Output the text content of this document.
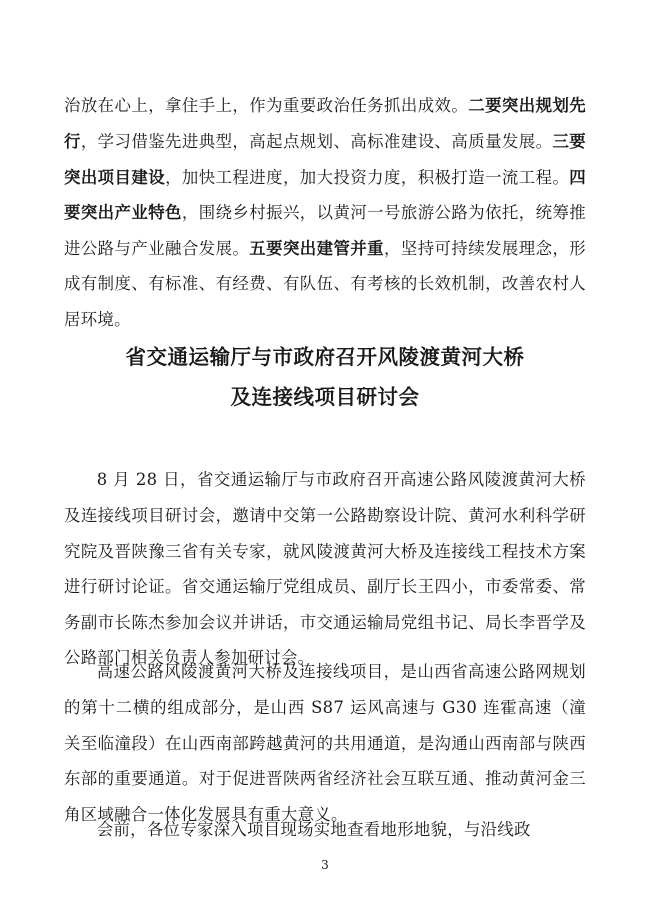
治放在心上，拿住手上，作为重要政治任务抓出成效。二要突出规划先行，学习借鉴先进典型，高起点规划、高标准建设、高质量发展。三要突出项目建设，加快工程进度，加大投资力度，积极打造一流工程。四要突出产业特色，围绕乡村振兴，以黄河一号旅游公路为依托，统筹推进公路与产业融合发展。五要突出建管并重，坚持可持续发展理念，形成有制度、有标准、有经费、有队伍、有考核的长效机制，改善农村人居环境。

省交通运输厅与市政府召开风陵渡黄河大桥
及连接线项目研讨会

8 月 28 日，省交通运输厅与市政府召开高速公路风陵渡黄河大桥及连接线项目研讨会，邀请中交第一公路勘察设计院、黄河水利科学研究院及晋陕豫三省有关专家，就风陵渡黄河大桥及连接线工程技术方案进行研讨论证。省交通运输厅党组成员、副厅长王四小，市委常委、常务副市长陈杰参加会议并讲话，市交通运输局党组书记、局长李晋学及公路部门相关负责人参加研讨会。

高速公路风陵渡黄河大桥及连接线项目，是山西省高速公路网规划的第十二横的组成部分，是山西 S87 运风高速与 G30 连霍高速（潼关至临潼段）在山西南部跨越黄河的共用通道，是沟通山西南部与陕西东部的重要通道。对于促进晋陕两省经济社会互联互通、推动黄河金三角区域融合一体化发展具有重大意义。

会前，各位专家深入项目现场实地查看地形地貌，与沿线政

3
